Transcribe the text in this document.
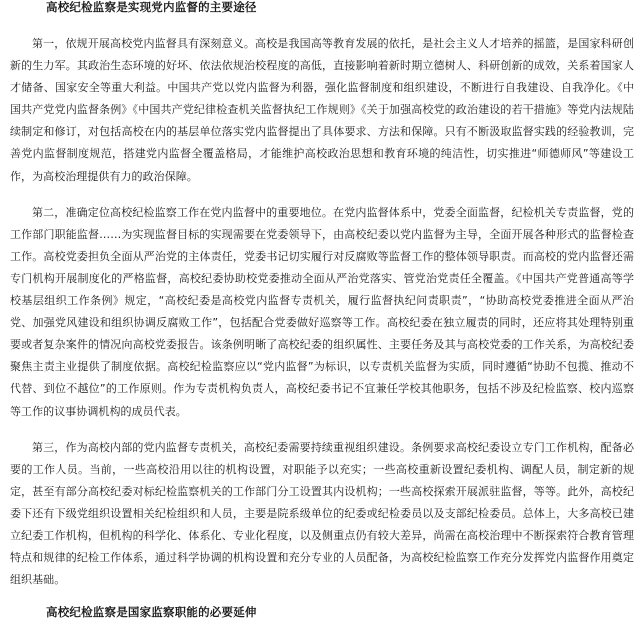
高校纪检监察是实现党内监督的主要途径

第一，依规开展高校党内监督具有深刻意义。高校是我国高等教育发展的依托，是社会主义人才培养的摇篮，是国家科研创新的生力军。其政治生态环境的好坏、依法依规治校程度的高低，直接影响着新时期立德树人、科研创新的成效，关系着国家人才储备、国家安全等重大利益。中国共产党以党内监督为利器，强化监督制度和组织建设，不断进行自我建设、自我净化。《中国共产党党内监督条例》《中国共产党纪律检查机关监督执纪工作规则》《关于加强高校党的政治建设的若干措施》等党内法规陆续制定和修订，对包括高校在内的基层单位落实党内监督提出了具体要求、方法和保障。只有不断汲取监督实践的经验教训，完善党内监督制度规范，搭建党内监督全覆盖格局，才能维护高校政治思想和教育环境的纯洁性，切实推进“师德师风”等建设工作，为高校治理提供有力的政治保障。

第二，准确定位高校纪检监察工作在党内监督中的重要地位。在党内监督体系中，党委全面监督，纪检机关专责监督，党的工作部门职能监督……为实现监督目标的实现需要在党委领导下，由高校纪委以党内监督为主导，全面开展各种形式的监督检查工作。高校党委担负全面从严治党的主体责任，党委书记切实履行对反腐败等监督工作的整体领导职责。而高校的党内监督还需专门机构开展制度化的严格监督，高校纪委协助校党委推动全面从严治党落实、管党治党责任全覆盖。《中国共产党普通高等学校基层组织工作条例》规定，“高校纪委是高校党内监督专责机关，履行监督执纪问责职责”，“协助高校党委推进全面从严治党、加强党风建设和组织协调反腐败工作”，包括配合党委做好巡察等工作。高校纪委在独立履责的同时，还应将其处理特别重要或者复杂案件的情况向高校党委报告。该条例明晰了高校纪委的组织属性、主要任务及其与高校党委的工作关系，为高校纪委聚焦主责主业提供了制度依据。高校纪检监察应以“党内监督”为标识，以专责机关监督为实质，同时遵循“协助不包揽、推动不代替、到位不越位”的工作原则。作为专责机构负责人，高校纪委书记不宜兼任学校其他职务，包括不涉及纪检监察、校内巡察等工作的议事协调机构的成员代表。

第三，作为高校内部的党内监督专责机关，高校纪委需要持续重视组织建设。条例要求高校纪委设立专门工作机构，配备必要的工作人员。当前，一些高校沿用以往的机构设置，对职能予以充实；一些高校重新设置纪委机构、调配人员，制定新的规定，甚至有部分高校纪委对标纪检监察机关的工作部门分工设置其内设机构；一些高校探索开展派驻监督，等等。此外，高校纪委下还有下级党组织设置相关纪检组织和人员，主要是院系级单位的纪委或纪检委员以及支部纪检委员。总体上，大多高校已建立纪委工作机构，但机构的科学化、体系化、专业化程度，以及侧重点仍有较大差异，尚需在高校治理中不断探索符合教育管理特点和规律的纪检工作体系，通过科学协调的机构设置和充分专业的人员配备，为高校纪检监察工作充分发挥党内监督作用奠定组织基础。

高校纪检监察是国家监察职能的必要延伸
